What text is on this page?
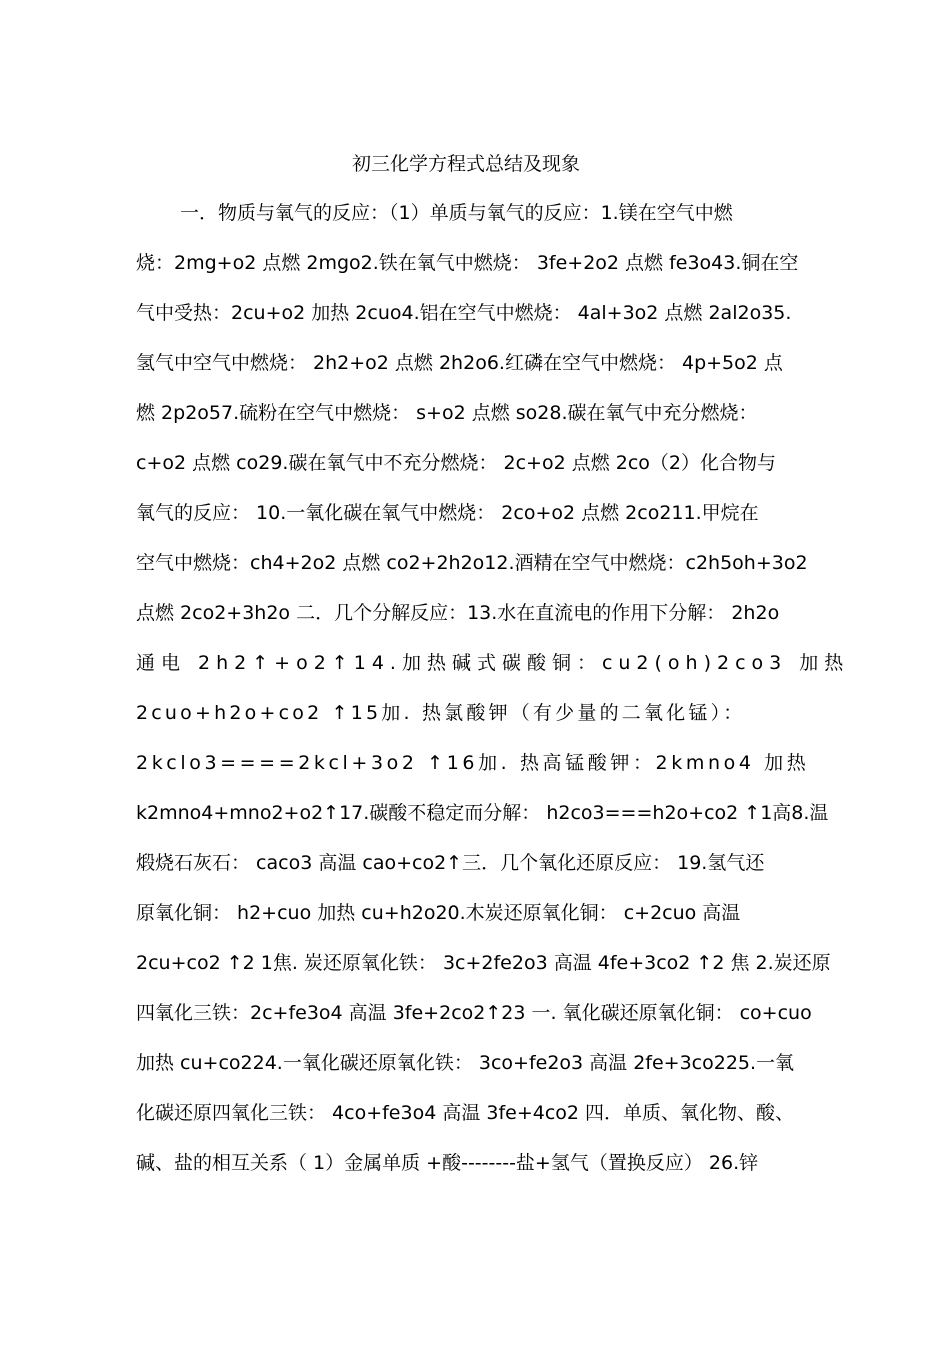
初三化学方程式总结及现象
一．物质与氧气的反应：（1）单质与氧气的反应：1.镁在空气中燃
烧：2mg+o2 点燃 2mgo2.铁在氧气中燃烧： 3fe+2o2 点燃 fe3o43.铜在空
气中受热：2cu+o2 加热 2cuo4.铝在空气中燃烧： 4al+3o2 点燃 2al2o35.
氢气中空气中燃烧： 2h2+o2 点燃 2h2o6.红磷在空气中燃烧： 4p+5o2 点
燃 2p2o57.硫粉在空气中燃烧： s+o2 点燃 so28.碳在氧气中充分燃烧：
c+o2 点燃 co29.碳在氧气中不充分燃烧： 2c+o2 点燃 2co（2）化合物与
氧气的反应： 10.一氧化碳在氧气中燃烧： 2co+o2 点燃 2co211.甲烷在
空气中燃烧：ch4+2o2 点燃 co2+2h2o12.酒精在空气中燃烧：c2h5oh+3o2
点燃 2co2+3h2o 二．几个分解反应：13.水在直流电的作用下分解： 2h2o
通电 2h2↑+o2↑14.加热碱式碳酸铜：cu2(oh)2co3 加热
2cuo+h2o+co2 ↑15加. 热氯酸钾（有少量的二氧化锰）：
2kclo3====2kcl+3o2 ↑16加. 热高锰酸钾：2kmno4 加热
k2mno4+mno2+o2↑17.碳酸不稳定而分解： h2co3===h2o+co2 ↑1高8.温
煅烧石灰石： caco3 高温 cao+co2↑三．几个氧化还原反应： 19.氢气还
原氧化铜： h2+cuo 加热 cu+h2o20.木炭还原氧化铜： c+2cuo 高温
2cu+co2 ↑2 1焦. 炭还原氧化铁： 3c+2fe2o3 高温 4fe+3co2 ↑2 焦 2.炭还原
四氧化三铁：2c+fe3o4 高温 3fe+2co2↑23 一. 氧化碳还原氧化铜： co+cuo
加热 cu+co224.一氧化碳还原氧化铁： 3co+fe2o3 高温 2fe+3co225.一氧
化碳还原四氧化三铁： 4co+fe3o4 高温 3fe+4co2 四．单质、氧化物、酸、
碱、盐的相互关系（ 1）金属单质 +酸--------盐+氢气（置换反应） 26.锌
